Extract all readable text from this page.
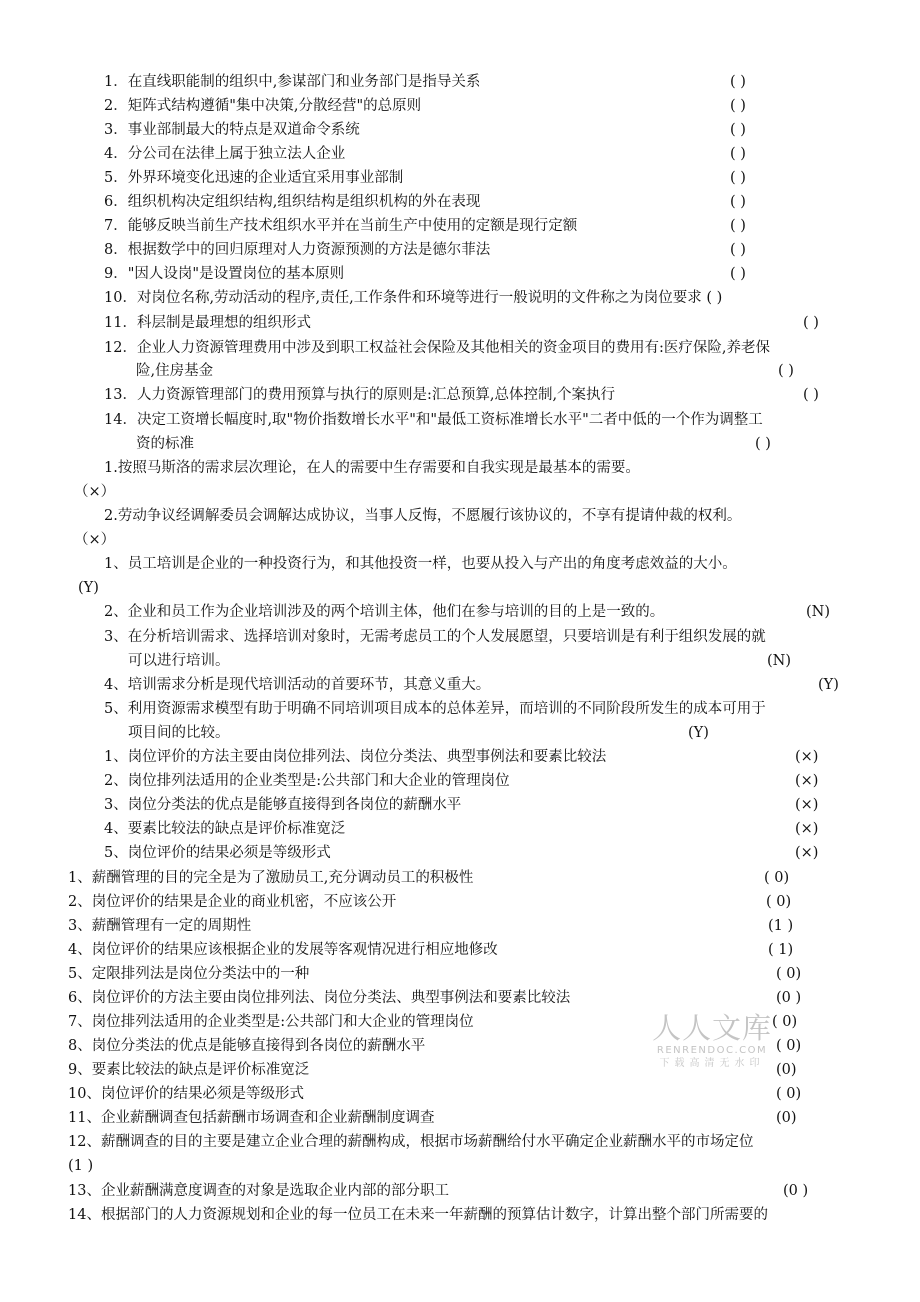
1．在直线职能制的组织中,参谋部门和业务部门是指导关系	( )
2．矩阵式结构遵循"集中决策,分散经营"的总原则	( )
3．事业部制最大的特点是双道命令系统	( )
4．分公司在法律上属于独立法人企业	( )
5．外界环境变化迅速的企业适宜采用事业部制	( )
6．组织机构决定组织结构,组织结构是组织机构的外在表现	( )
7．能够反映当前生产技术组织水平并在当前生产中使用的定额是现行定额	( )
8．根据数学中的回归原理对人力资源预测的方法是德尔菲法	( )
9．"因人设岗"是设置岗位的基本原则	( )
10．对岗位名称,劳动活动的程序,责任,工作条件和环境等进行一般说明的文件称之为岗位要求 ( )
11．科层制是最理想的组织形式	( )
12．企业人力资源管理费用中涉及到职工权益社会保险及其他相关的资金项目的费用有:医疗保险,养老保
险,住房基金	( )
13．人力资源管理部门的费用预算与执行的原则是:汇总预算,总体控制,个案执行	( )
14．决定工资增长幅度时,取"物价指数增长水平"和"最低工资标准增长水平"二者中低的一个作为调整工
资的标准	( )
1.按照马斯洛的需求层次理论，在人的需要中生存需要和自我实现是最基本的需要。
（×）
2.劳动争议经调解委员会调解达成协议，当事人反悔，不愿履行该协议的，不享有提请仲裁的权利。
（×）
1、员工培训是企业的一种投资行为，和其他投资一样，也要从投入与产出的角度考虑效益的大小。
(Y)
2、企业和员工作为企业培训涉及的两个培训主体，他们在参与培训的目的上是一致的。	(N)
3、在分析培训需求、选择培训对象时，无需考虑员工的个人发展愿望，只要培训是有利于组织发展的就
可以进行培训。	(N)
4、培训需求分析是现代培训活动的首要环节，其意义重大。	(Y)
5、利用资源需求模型有助于明确不同培训项目成本的总体差异，而培训的不同阶段所发生的成本可用于
项目间的比较。	(Y)
1、岗位评价的方法主要由岗位排列法、岗位分类法、典型事例法和要素比较法	(×)
2、岗位排列法适用的企业类型是:公共部门和大企业的管理岗位	(×)
3、岗位分类法的优点是能够直接得到各岗位的薪酬水平	(×)
4、要素比较法的缺点是评价标准宽泛	(×)
5、岗位评价的结果必须是等级形式	(×)
1、薪酬管理的目的完全是为了激励员工,充分调动员工的积极性	( 0)
2、岗位评价的结果是企业的商业机密，不应该公开	( 0)
3、薪酬管理有一定的周期性	(1 )
4、岗位评价的结果应该根据企业的发展等客观情况进行相应地修改	( 1)
5、定限排列法是岗位分类法中的一种	( 0)
6、岗位评价的方法主要由岗位排列法、岗位分类法、典型事例法和要素比较法	(0 )
7、岗位排列法适用的企业类型是:公共部门和大企业的管理岗位	( 0)
8、岗位分类法的优点是能够直接得到各岗位的薪酬水平	( 0)
9、要素比较法的缺点是评价标准宽泛	(0)
10、岗位评价的结果必须是等级形式	( 0)
11、企业薪酬调查包括薪酬市场调查和企业薪酬制度调查	(0)
12、薪酬调查的目的主要是建立企业合理的薪酬构成，根据市场薪酬给付水平确定企业薪酬水平的市场定位
(1 )
13、企业薪酬满意度调查的对象是选取企业内部的部分职工	(0 )
14、根据部门的人力资源规划和企业的每一位员工在未来一年薪酬的预算估计数字，计算出整个部门所需要的
人人文库
RENRENDOC.COM
下载高清无水印
